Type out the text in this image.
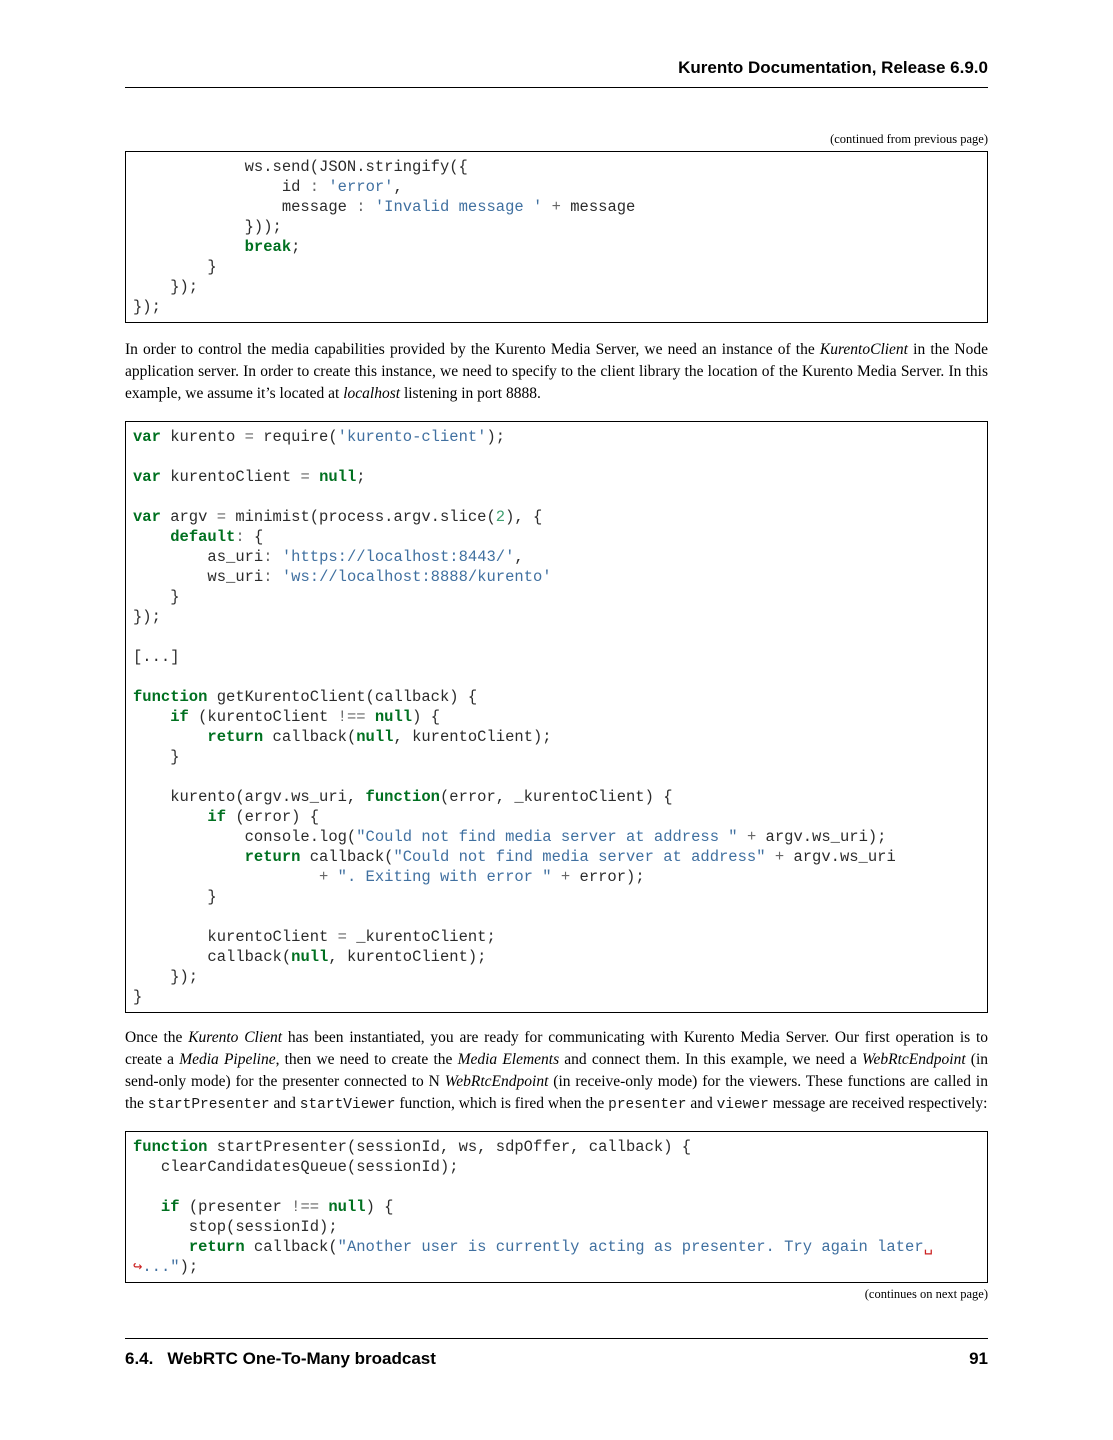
Kurento Documentation, Release 6.9.0
(continued from previous page)
ws.send(JSON.stringify({
id : 'error',
message : 'Invalid message ' + message
}));
break;
}
});
});

In order to control the media capabilities provided by the Kurento Media Server, we need an instance of the KurentoClient in the Node application server. In order to create this instance, we need to specify to the client library the location of the Kurento Media Server. In this example, we assume it’s located at localhost listening in port 8888.

var kurento = require('kurento-client');

var kurentoClient = null;

var argv = minimist(process.argv.slice(2), {
default: {
as_uri: 'https://localhost:8443/',
ws_uri: 'ws://localhost:8888/kurento'
}
});

[...]

function getKurentoClient(callback) {
if (kurentoClient !== null) {
return callback(null, kurentoClient);
}

kurento(argv.ws_uri, function(error, _kurentoClient) {
if (error) {
console.log("Could not find media server at address " + argv.ws_uri);
return callback("Could not find media server at address" + argv.ws_uri
+ ". Exiting with error " + error);
}

kurentoClient = _kurentoClient;
callback(null, kurentoClient);
});
}

Once the Kurento Client has been instantiated, you are ready for communicating with Kurento Media Server. Our first operation is to create a Media Pipeline, then we need to create the Media Elements and connect them. In this example, we need a WebRtcEndpoint (in send-only mode) for the presenter connected to N WebRtcEndpoint (in receive-only mode) for the viewers. These functions are called in the startPresenter and startViewer function, which is fired when the presenter and viewer message are received respectively:

function startPresenter(sessionId, ws, sdpOffer, callback) {
clearCandidatesQueue(sessionId);

if (presenter !== null) {
stop(sessionId);
return callback("Another user is currently acting as presenter. Try again later␣
↪...");
(continues on next page)
6.4. WebRTC One-To-Many broadcast	91
